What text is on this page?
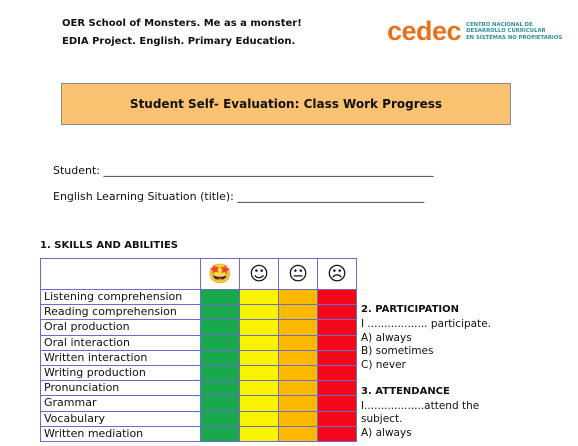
OER School of Monsters. Me as a monster!
EDIA Project. English. Primary Education.	cedec CENTRO NACIONAL DE
DESARROLLO CURRICULAR
EN SISTEMAS NO PROPIETARIOS
Student Self- Evaluation: Class Work Progress
Student: ____________________________________________________________
English Learning Situation (title): __________________________________
1. SKILLS AND ABILITIES
	🤩	☺	😐	☹
Listening comprehension				
Reading comprehension				
Oral production				
Oral interaction				
Written interaction				
Writing production				
Pronunciation				
Grammar				
Vocabulary				
Written mediation				
2. PARTICIPATION
I .................. participate.
A) always
B) sometimes
C) never
3. ATTENDANCE
I..................attend the
subject.
A) always
